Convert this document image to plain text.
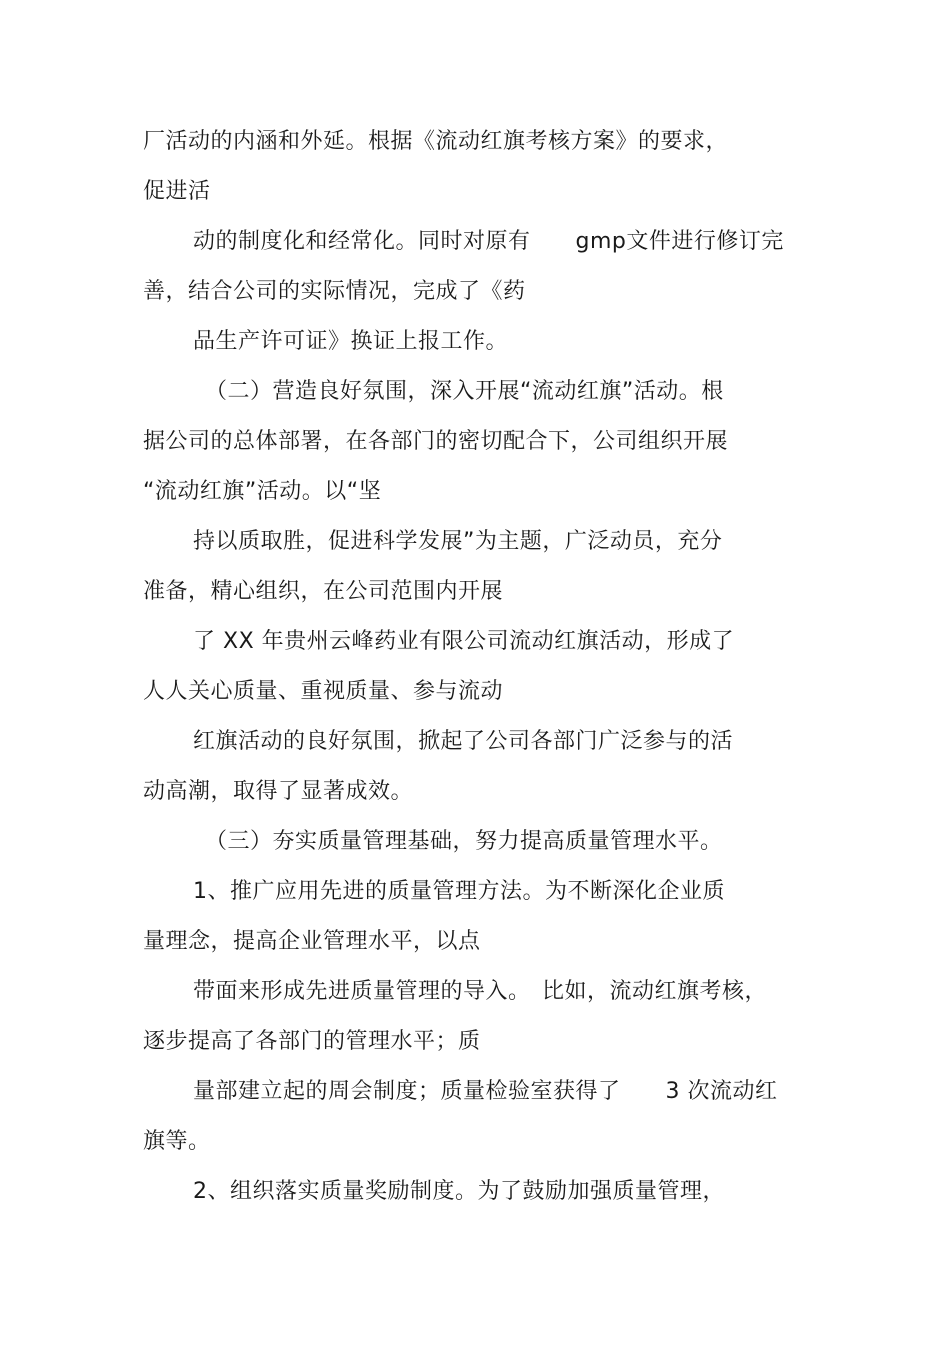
厂活动的内涵和外延。根据《流动红旗考核方案》的要求，
促进活
动的制度化和经常化。同时对原有　　gmp文件进行修订完
善，结合公司的实际情况，完成了《药
品生产许可证》换证上报工作。
（二）营造良好氛围，深入开展“流动红旗”活动。根
据公司的总体部署，在各部门的密切配合下，公司组织开展
“流动红旗”活动。以“坚
持以质取胜，促进科学发展”为主题，广泛动员，充分
准备，精心组织，在公司范围内开展
了 XX 年贵州云峰药业有限公司流动红旗活动，形成了
人人关心质量、重视质量、参与流动
红旗活动的良好氛围，掀起了公司各部门广泛参与的活
动高潮，取得了显著成效。
（三）夯实质量管理基础，努力提高质量管理水平。
1、推广应用先进的质量管理方法。为不断深化企业质
量理念，提高企业管理水平，以点
带面来形成先进质量管理的导入。　比如，流动红旗考核，
逐步提高了各部门的管理水平；质
量部建立起的周会制度；质量检验室获得了　　3 次流动红
旗等。
2、组织落实质量奖励制度。为了鼓励加强质量管理，
